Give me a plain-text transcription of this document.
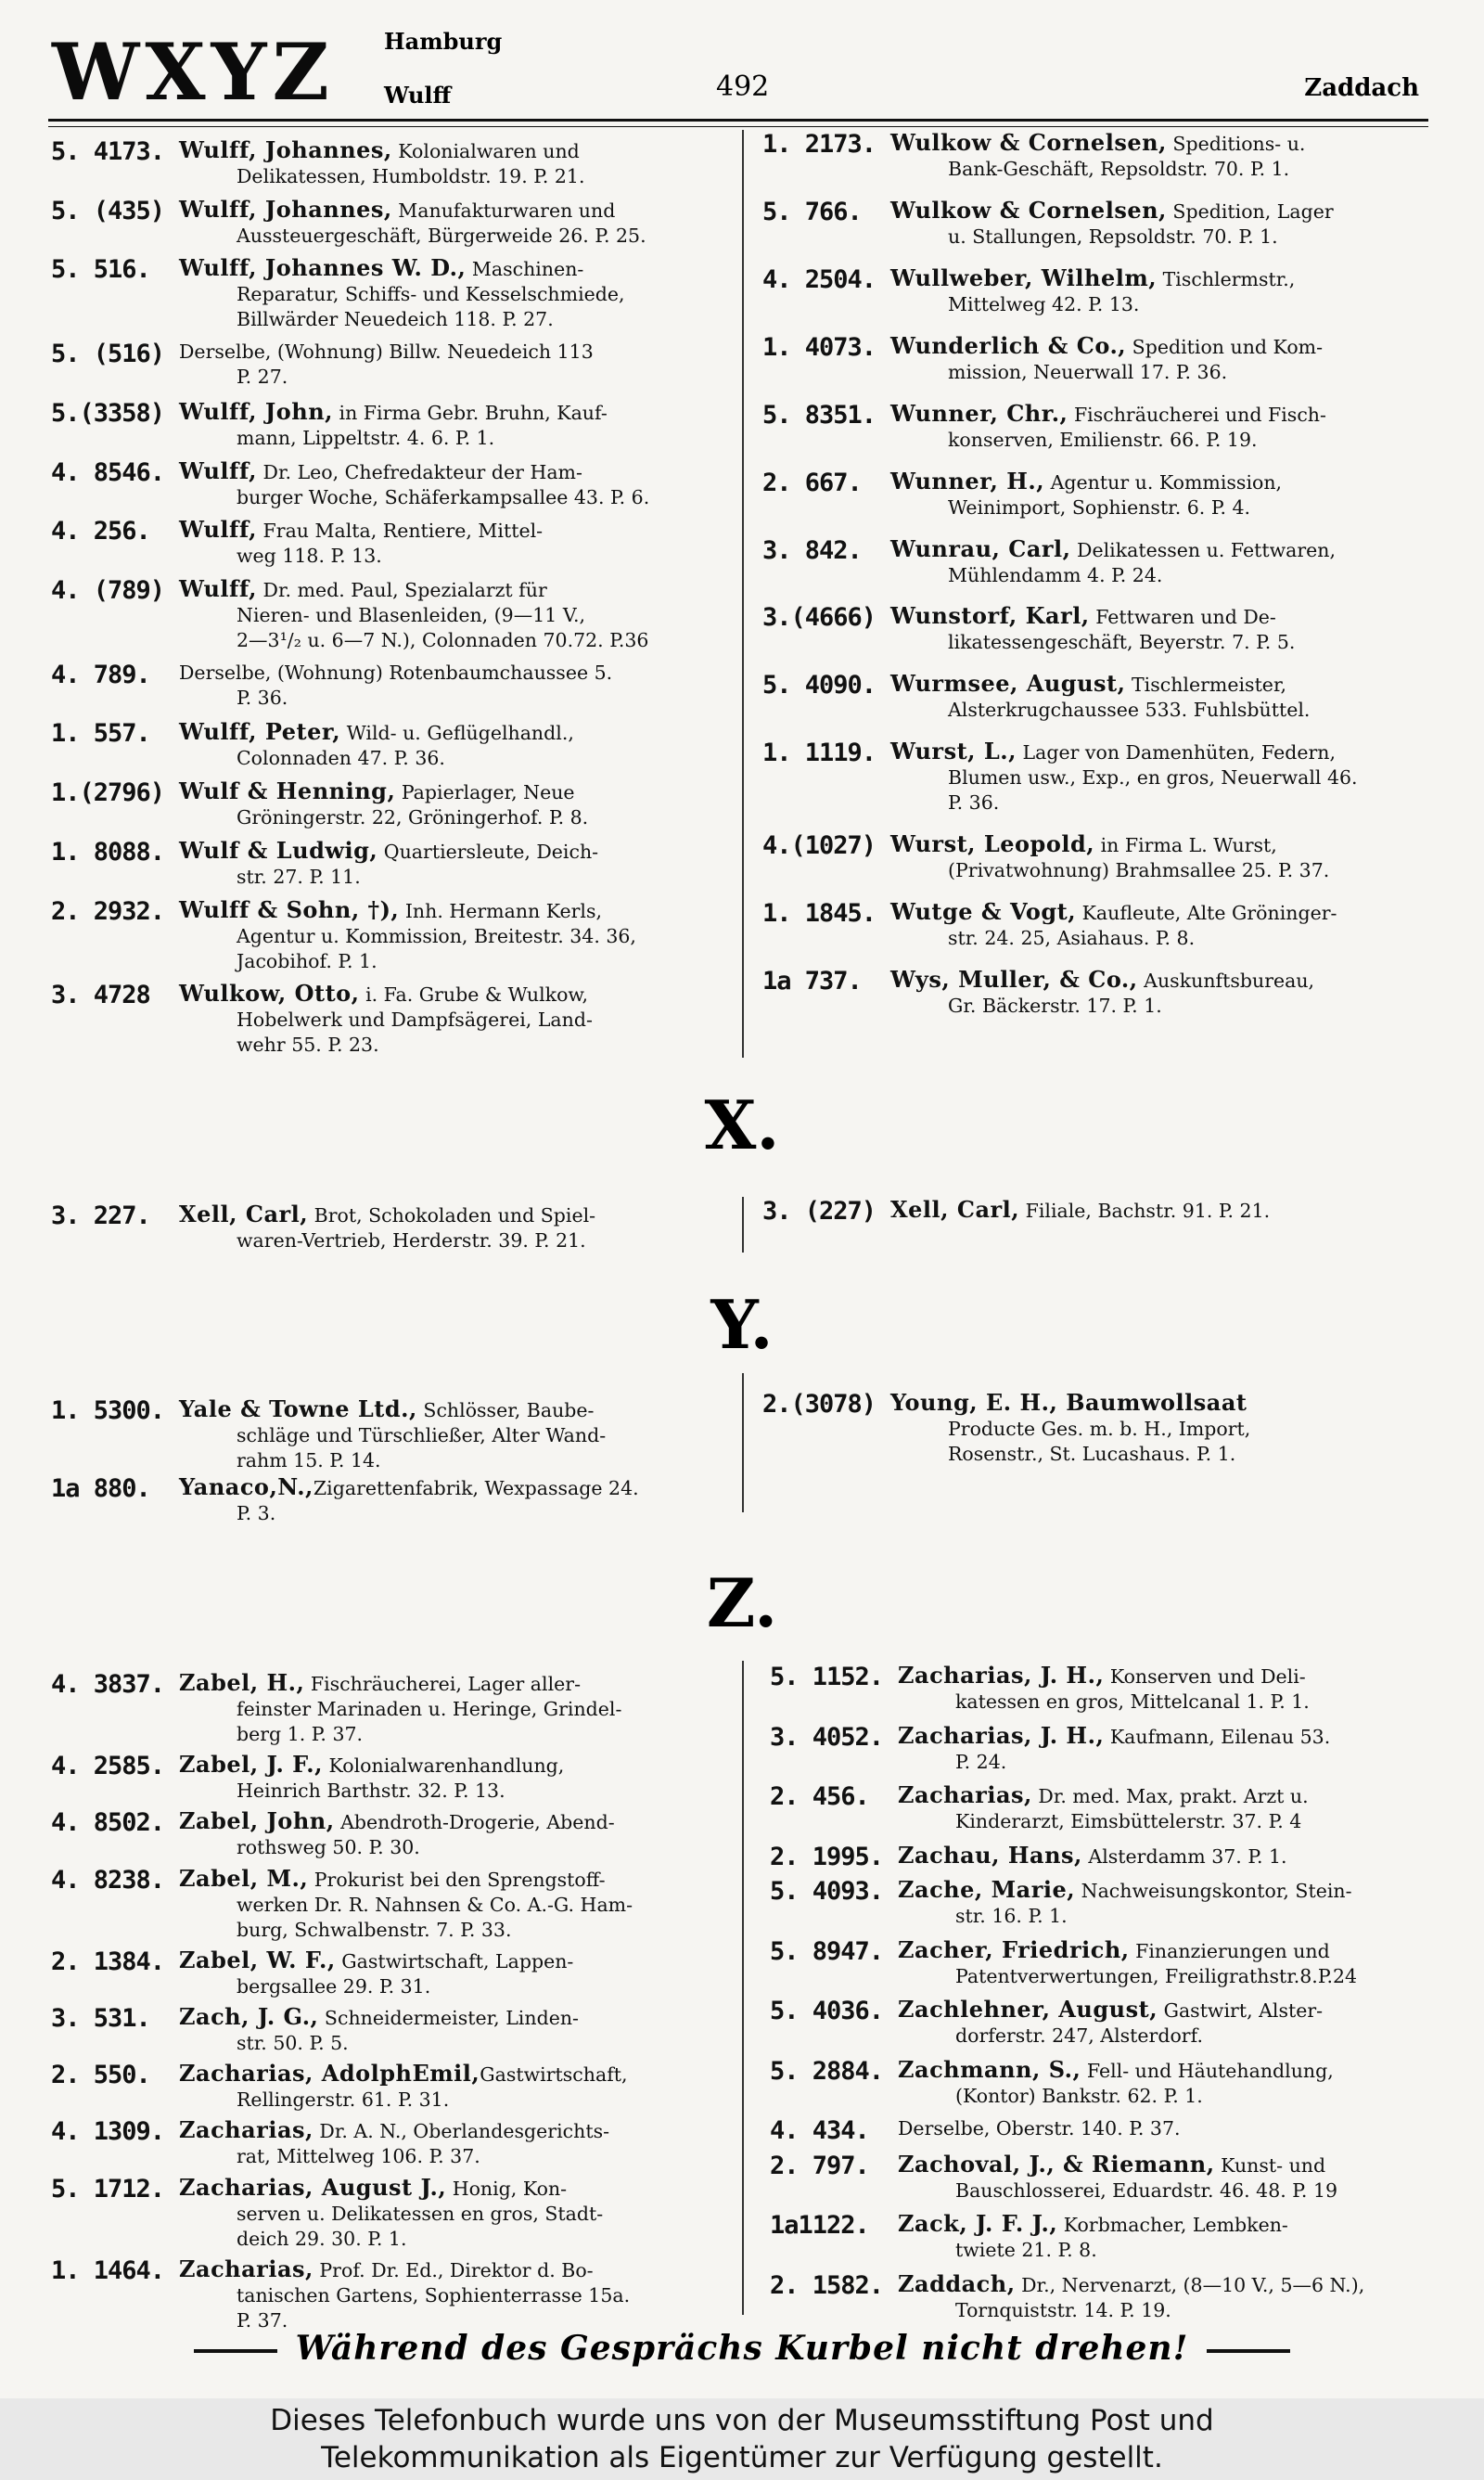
WXYZ Hamburg
Wulff	492	Zaddach
5. 4173. Wulff, Johannes, Kolonialwaren und
Delikatessen, Humboldstr. 19. P. 21.
5. (435) Wulff, Johannes, Manufakturwaren und
Aussteuergeschäft, Bürgerweide 26. P. 25.
5. 516. Wulff, Johannes W. D., Maschinen-
Reparatur, Schiffs- und Kesselschmiede,
Billwärder Neuedeich 118. P. 27.
5. (516) Derselbe, (Wohnung) Billw. Neuedeich 113
P. 27.
5.(3358) Wulff, John, in Firma Gebr. Bruhn, Kauf-
mann, Lippeltstr. 4. 6. P. 1.
4. 8546. Wulff, Dr. Leo, Chefredakteur der Ham-
burger Woche, Schäferkampsallee 43. P. 6.
4. 256. Wulff, Frau Malta, Rentiere, Mittel-
weg 118. P. 13.
4. (789) Wulff, Dr. med. Paul, Spezialarzt für
Nieren- und Blasenleiden, (9—11 V.,
2—3¹/₂ u. 6—7 N.), Colonnaden 70.72. P.36
4. 789. Derselbe, (Wohnung) Rotenbaumchaussee 5.
P. 36.
1. 557. Wulff, Peter, Wild- u. Geflügelhandl.,
Colonnaden 47. P. 36.
1.(2796) Wulf & Henning, Papierlager, Neue
Gröningerstr. 22, Gröningerhof. P. 8.
1. 8088. Wulf & Ludwig, Quartiersleute, Deich-
str. 27. P. 11.
2. 2932. Wulff & Sohn, †), Inh. Hermann Kerls,
Agentur u. Kommission, Breitestr. 34. 36,
Jacobihof. P. 1.
3. 4728 Wulkow, Otto, i. Fa. Grube & Wulkow,
Hobelwerk und Dampfsägerei, Land-
wehr 55. P. 23.
1. 2173. Wulkow & Cornelsen, Speditions- u.
Bank-Geschäft, Repsoldstr. 70. P. 1.
5. 766. Wulkow & Cornelsen, Spedition, Lager
u. Stallungen, Repsoldstr. 70. P. 1.
4. 2504. Wullweber, Wilhelm, Tischlermstr.,
Mittelweg 42. P. 13.
1. 4073. Wunderlich & Co., Spedition und Kom-
mission, Neuerwall 17. P. 36.
5. 8351. Wunner, Chr., Fischräucherei und Fisch-
konserven, Emilienstr. 66. P. 19.
2. 667. Wunner, H., Agentur u. Kommission,
Weinimport, Sophienstr. 6. P. 4.
3. 842. Wunrau, Carl, Delikatessen u. Fettwaren,
Mühlendamm 4. P. 24.
3.(4666) Wunstorf, Karl, Fettwaren und De-
likatessengeschäft, Beyerstr. 7. P. 5.
5. 4090. Wurmsee, August, Tischlermeister,
Alsterkrugchaussee 533. Fuhlsbüttel.
1. 1119. Wurst, L., Lager von Damenhüten, Federn,
Blumen usw., Exp., en gros, Neuerwall 46.
P. 36.
4.(1027) Wurst, Leopold, in Firma L. Wurst,
(Privatwohnung) Brahmsallee 25. P. 37.
1. 1845. Wutge & Vogt, Kaufleute, Alte Gröninger-
str. 24. 25, Asiahaus. P. 8.
1a 737. Wys, Muller, & Co., Auskunftsbureau,
Gr. Bäckerstr. 17. P. 1.
3. 227. Xell, Carl, Brot, Schokoladen und Spiel-
waren-Vertrieb, Herderstr. 39. P. 21.
3. (227) Xell, Carl, Filiale, Bachstr. 91. P. 21.
1. 5300. Yale & Towne Ltd., Schlösser, Baube-
schläge und Türschließer, Alter Wand-
rahm 15. P. 14.
1a 880. Yanaco,N.,Zigarettenfabrik, Wexpassage 24.
P. 3.
2.(3078) Young, E. H., Baumwollsaat
Producte Ges. m. b. H., Import,
Rosenstr., St. Lucashaus. P. 1.
4. 3837. Zabel, H., Fischräucherei, Lager aller-
feinster Marinaden u. Heringe, Grindel-
berg 1. P. 37.
4. 2585. Zabel, J. F., Kolonialwarenhandlung,
Heinrich Barthstr. 32. P. 13.
4. 8502. Zabel, John, Abendroth-Drogerie, Abend-
rothsweg 50. P. 30.
4. 8238. Zabel, M., Prokurist bei den Sprengstoff-
werken Dr. R. Nahnsen & Co. A.-G. Ham-
burg, Schwalbenstr. 7. P. 33.
2. 1384. Zabel, W. F., Gastwirtschaft, Lappen-
bergsallee 29. P. 31.
3. 531. Zach, J. G., Schneidermeister, Linden-
str. 50. P. 5.
2. 550. Zacharias, AdolphEmil,Gastwirtschaft,
Rellingerstr. 61. P. 31.
4. 1309. Zacharias, Dr. A. N., Oberlandesgerichts-
rat, Mittelweg 106. P. 37.
5. 1712. Zacharias, August J., Honig, Kon-
serven u. Delikatessen en gros, Stadt-
deich 29. 30. P. 1.
1. 1464. Zacharias, Prof. Dr. Ed., Direktor d. Bo-
tanischen Gartens, Sophienterrasse 15a.
P. 37.
5. 1152. Zacharias, J. H., Konserven und Deli-
katessen en gros, Mittelcanal 1. P. 1.
3. 4052. Zacharias, J. H., Kaufmann, Eilenau 53.
P. 24.
2. 456. Zacharias, Dr. med. Max, prakt. Arzt u.
Kinderarzt, Eimsbüttelerstr. 37. P. 4
2. 1995. Zachau, Hans, Alsterdamm 37. P. 1.
5. 4093. Zache, Marie, Nachweisungskontor, Stein-
str. 16. P. 1.
5. 8947. Zacher, Friedrich, Finanzierungen und
Patentverwertungen, Freiligrathstr.8.P.24
5. 4036. Zachlehner, August, Gastwirt, Alster-
dorferstr. 247, Alsterdorf.
5. 2884. Zachmann, S., Fell- und Häutehandlung,
(Kontor) Bankstr. 62. P. 1.
4. 434. Derselbe, Oberstr. 140. P. 37.
2. 797. Zachoval, J., & Riemann, Kunst- und
Bauschlosserei, Eduardstr. 46. 48. P. 19
1a1122. Zack, J. F. J., Korbmacher, Lembken-
twiete 21. P. 8.
2. 1582. Zaddach, Dr., Nervenarzt, (8—10 V., 5—6 N.),
Tornquiststr. 14. P. 19.
X.
Y.
Z.
Während des Gesprächs Kurbel nicht drehen!
Dieses Telefonbuch wurde uns von der Museumsstiftung Post und
Telekommunikation als Eigentümer zur Verfügung gestellt.
